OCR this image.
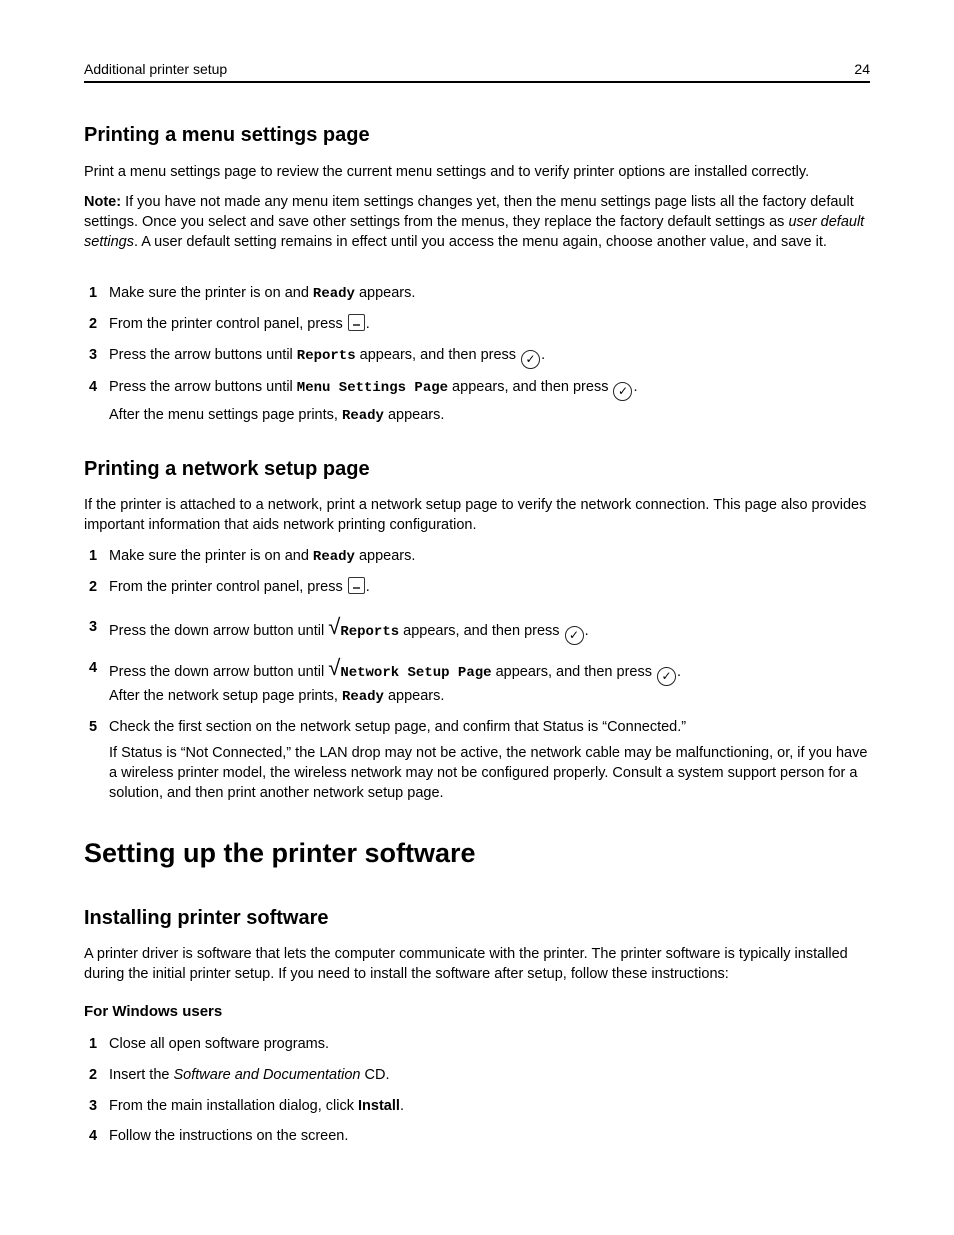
Additional printer setup	24
Printing a menu settings page

Print a menu settings page to review the current menu settings and to verify printer options are installed correctly.

Note: If you have not made any menu item settings changes yet, then the menu settings page lists all the factory default settings. Once you select and save other settings from the menus, they replace the factory default settings as user default settings. A user default setting remains in effect until you access the menu again, choose another value, and save it.

1 Make sure the printer is on and Ready appears.
2 From the printer control panel, press .
3 Press the arrow buttons until Reports appears, and then press ✓ .
4 Press the arrow buttons until Menu Settings Page appears, and then press ✓ .
After the menu settings page prints, Ready appears.
Printing a network setup page

If the printer is attached to a network, print a network setup page to verify the network connection. This page also provides important information that aids network printing configuration.

1 Make sure the printer is on and Ready appears.
2 From the printer control panel, press .
3 Press the down arrow button until √Reports appears, and then press ✓ .
4 Press the down arrow button until √Network Setup Page appears, and then press ✓ .
After the network setup page prints, Ready appears.
5 Check the first section on the network setup page, and confirm that Status is “Connected.”
If Status is “Not Connected,” the LAN drop may not be active, the network cable may be malfunctioning, or, if you have a wireless printer model, the wireless network may not be configured properly. Consult a system support person for a solution, and then print another network setup page.
Setting up the printer software
Installing printer software

A printer driver is software that lets the computer communicate with the printer. The printer software is typically installed during the initial printer setup. If you need to install the software after setup, follow these instructions:

For Windows users
1 Close all open software programs.
2 Insert the Software and Documentation CD.
3 From the main installation dialog, click Install.
4 Follow the instructions on the screen.
